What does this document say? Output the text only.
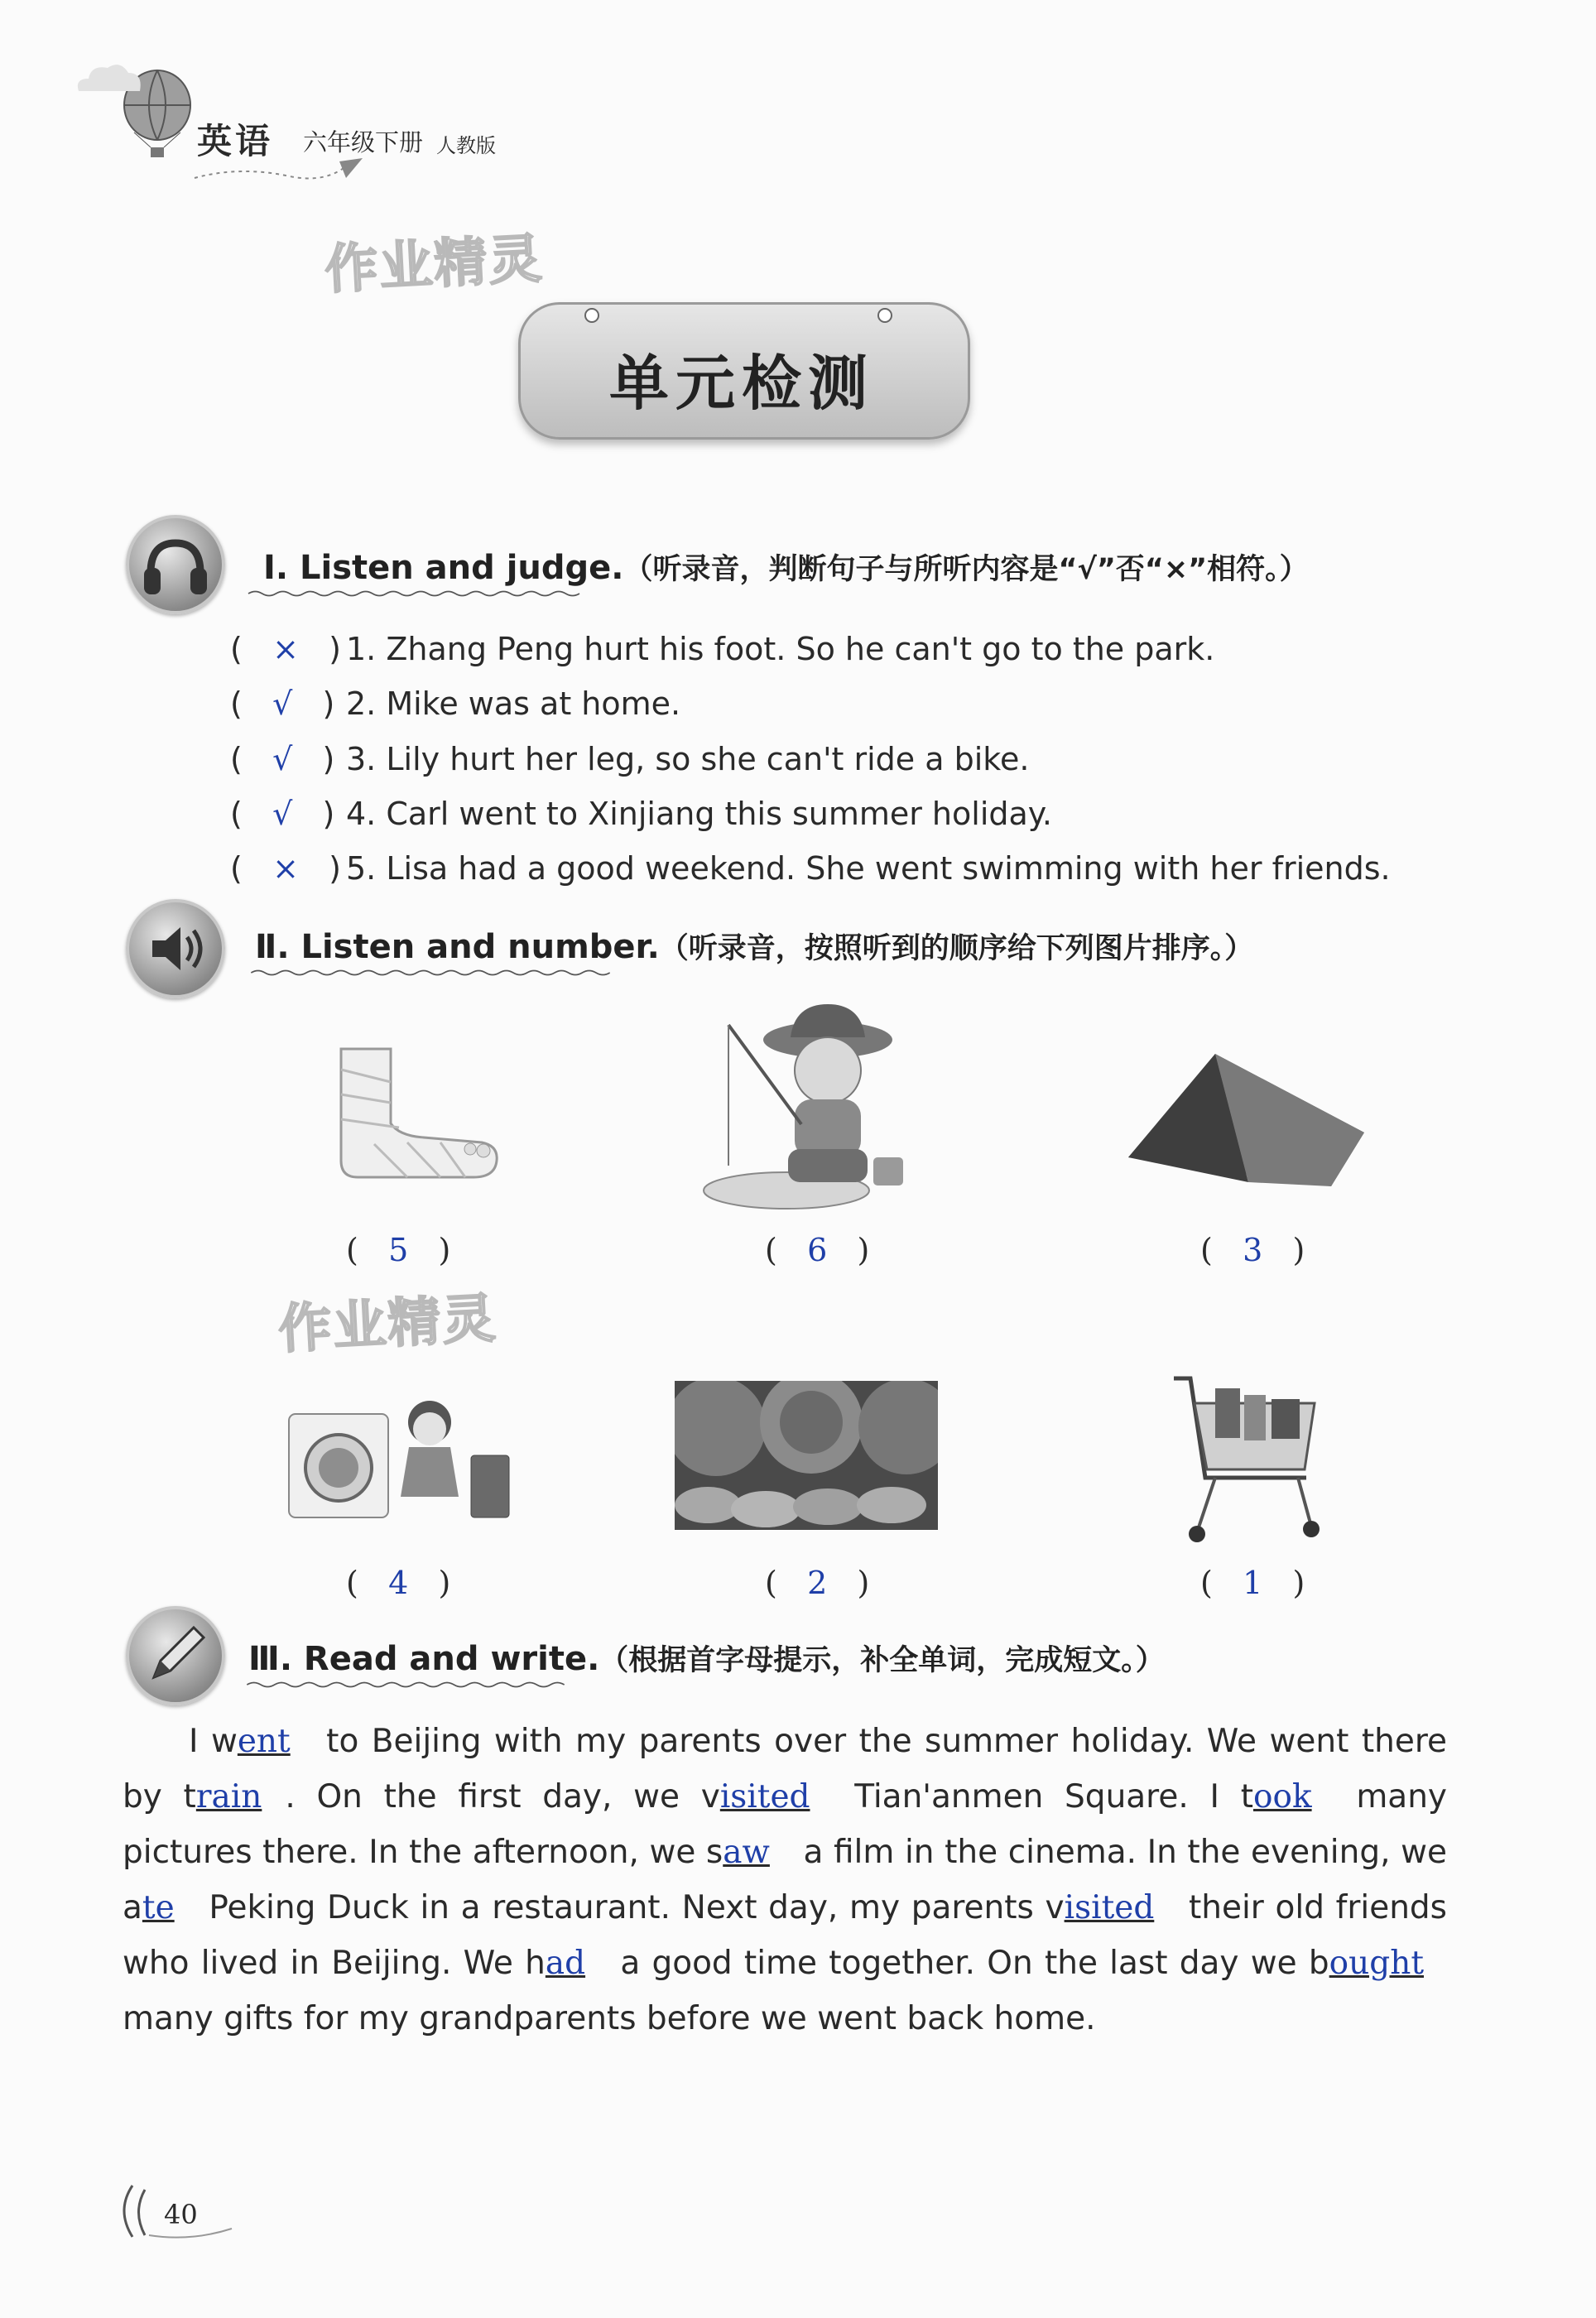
英语 六年级下册 人教版
作业精灵
作业精灵
单元检测
Ⅰ. Listen and judge.（听录音，判断句子与所听内容是“√”否“×”相符。）
(   ×   ) 1. Zhang Peng hurt his foot. So he can't go to the park.
(   √   ) 2. Mike was at home.
(   √   ) 3. Lily hurt her leg, so she can't ride a bike.
(   √   ) 4. Carl went to Xinjiang this summer holiday.
(   ×   ) 5. Lisa had a good weekend. She went swimming with her friends.
Ⅱ. Listen and number.（听录音，按照听到的顺序给下列图片排序。）
(   5   )	(   6   )	(   3   )
(   4   )	(   2   )	(   1   )
Ⅲ. Read and write.（根据首字母提示，补全单词，完成短文。）

I went to Beijing with my parents over the summer holiday. We went there by train . On the first day, we visited Tian'anmen Square. I took many pictures there. In the afternoon, we saw a film in the cinema. In the evening, we ate Peking Duck in a restaurant. Next day, my parents visited their old friends who lived in Beijing. We had a good time together. On the last day we bought many gifts for my grandparents before we went back home.

40
